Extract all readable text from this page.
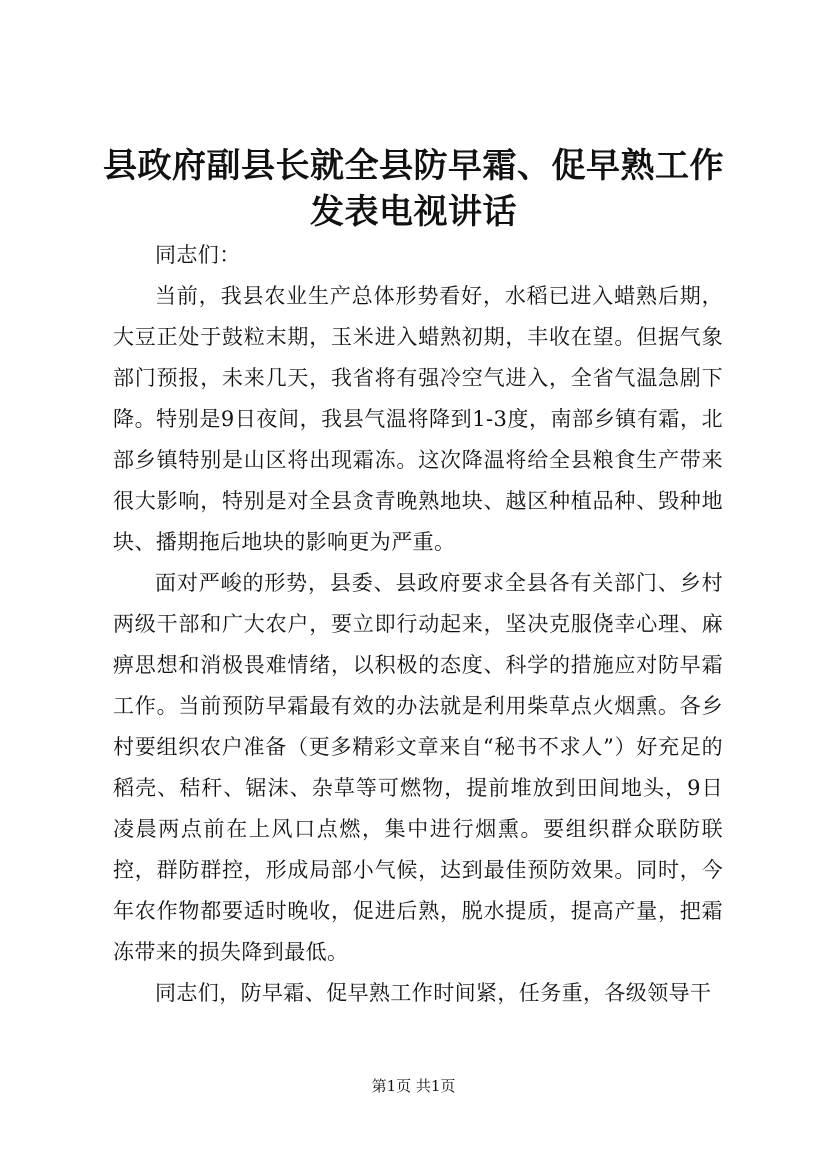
县政府副县长就全县防早霜、促早熟工作发表电视讲话

同志们：

当前，我县农业生产总体形势看好，水稻已进入蜡熟后期，大豆正处于鼓粒末期，玉米进入蜡熟初期，丰收在望。但据气象部门预报，未来几天，我省将有强冷空气进入，全省气温急剧下降。特别是9日夜间，我县气温将降到1-3度，南部乡镇有霜，北部乡镇特别是山区将出现霜冻。这次降温将给全县粮食生产带来很大影响，特别是对全县贪青晚熟地块、越区种植品种、毁种地块、播期拖后地块的影响更为严重。

面对严峻的形势，县委、县政府要求全县各有关部门、乡村两级干部和广大农户，要立即行动起来，坚决克服侥幸心理、麻痹思想和消极畏难情绪，以积极的态度、科学的措施应对防早霜工作。当前预防早霜最有效的办法就是利用柴草点火烟熏。各乡村要组织农户准备（更多精彩文章来自“秘书不求人”）好充足的稻壳、秸秆、锯沫、杂草等可燃物，提前堆放到田间地头，9日凌晨两点前在上风口点燃，集中进行烟熏。要组织群众联防联控，群防群控，形成局部小气候，达到最佳预防效果。同时，今年农作物都要适时晚收，促进后熟，脱水提质，提高产量，把霜冻带来的损失降到最低。

同志们，防早霜、促早熟工作时间紧，任务重，各级领导干

第1页 共1页
